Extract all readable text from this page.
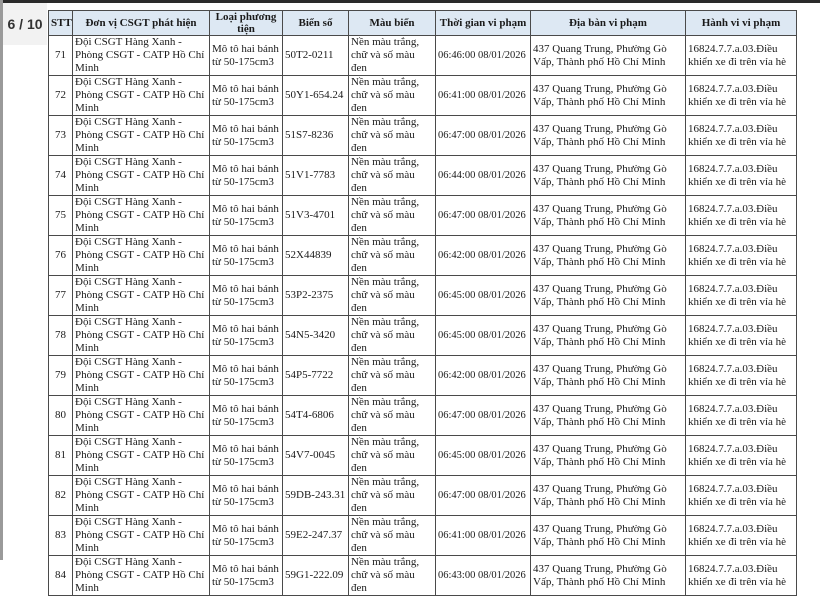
6 / 10 STT	Đơn vị CSGT phát hiện	Loại phương tiện	Biển số	Màu biển	Thời gian vi phạm	Địa bàn vi phạm	Hành vi vi phạm
71	Đội CSGT Hàng Xanh - Phòng CSGT - CATP Hồ Chí Minh	Mô tô hai bánh từ 50-175cm3	50T2-0211	Nền màu trắng, chữ và số màu đen	06:46:00 08/01/2026	437 Quang Trung, Phường Gò Vấp, Thành phố Hồ Chí Minh	16824.7.7.a.03.Điều khiển xe đi trên vỉa hè
72	Đội CSGT Hàng Xanh - Phòng CSGT - CATP Hồ Chí Minh	Mô tô hai bánh từ 50-175cm3	50Y1-654.24	Nền màu trắng, chữ và số màu đen	06:41:00 08/01/2026	437 Quang Trung, Phường Gò Vấp, Thành phố Hồ Chí Minh	16824.7.7.a.03.Điều khiển xe đi trên vỉa hè
73	Đội CSGT Hàng Xanh - Phòng CSGT - CATP Hồ Chí Minh	Mô tô hai bánh từ 50-175cm3	51S7-8236	Nền màu trắng, chữ và số màu đen	06:47:00 08/01/2026	437 Quang Trung, Phường Gò Vấp, Thành phố Hồ Chí Minh	16824.7.7.a.03.Điều khiển xe đi trên vỉa hè
74	Đội CSGT Hàng Xanh - Phòng CSGT - CATP Hồ Chí Minh	Mô tô hai bánh từ 50-175cm3	51V1-7783	Nền màu trắng, chữ và số màu đen	06:44:00 08/01/2026	437 Quang Trung, Phường Gò Vấp, Thành phố Hồ Chí Minh	16824.7.7.a.03.Điều khiển xe đi trên vỉa hè
75	Đội CSGT Hàng Xanh - Phòng CSGT - CATP Hồ Chí Minh	Mô tô hai bánh từ 50-175cm3	51V3-4701	Nền màu trắng, chữ và số màu đen	06:47:00 08/01/2026	437 Quang Trung, Phường Gò Vấp, Thành phố Hồ Chí Minh	16824.7.7.a.03.Điều khiển xe đi trên vỉa hè
76	Đội CSGT Hàng Xanh - Phòng CSGT - CATP Hồ Chí Minh	Mô tô hai bánh từ 50-175cm3	52X44839	Nền màu trắng, chữ và số màu đen	06:42:00 08/01/2026	437 Quang Trung, Phường Gò Vấp, Thành phố Hồ Chí Minh	16824.7.7.a.03.Điều khiển xe đi trên vỉa hè
77	Đội CSGT Hàng Xanh - Phòng CSGT - CATP Hồ Chí Minh	Mô tô hai bánh từ 50-175cm3	53P2-2375	Nền màu trắng, chữ và số màu đen	06:45:00 08/01/2026	437 Quang Trung, Phường Gò Vấp, Thành phố Hồ Chí Minh	16824.7.7.a.03.Điều khiển xe đi trên vỉa hè
78	Đội CSGT Hàng Xanh - Phòng CSGT - CATP Hồ Chí Minh	Mô tô hai bánh từ 50-175cm3	54N5-3420	Nền màu trắng, chữ và số màu đen	06:45:00 08/01/2026	437 Quang Trung, Phường Gò Vấp, Thành phố Hồ Chí Minh	16824.7.7.a.03.Điều khiển xe đi trên vỉa hè
79	Đội CSGT Hàng Xanh - Phòng CSGT - CATP Hồ Chí Minh	Mô tô hai bánh từ 50-175cm3	54P5-7722	Nền màu trắng, chữ và số màu đen	06:42:00 08/01/2026	437 Quang Trung, Phường Gò Vấp, Thành phố Hồ Chí Minh	16824.7.7.a.03.Điều khiển xe đi trên vỉa hè
80	Đội CSGT Hàng Xanh - Phòng CSGT - CATP Hồ Chí Minh	Mô tô hai bánh từ 50-175cm3	54T4-6806	Nền màu trắng, chữ và số màu đen	06:47:00 08/01/2026	437 Quang Trung, Phường Gò Vấp, Thành phố Hồ Chí Minh	16824.7.7.a.03.Điều khiển xe đi trên vỉa hè
81	Đội CSGT Hàng Xanh - Phòng CSGT - CATP Hồ Chí Minh	Mô tô hai bánh từ 50-175cm3	54V7-0045	Nền màu trắng, chữ và số màu đen	06:45:00 08/01/2026	437 Quang Trung, Phường Gò Vấp, Thành phố Hồ Chí Minh	16824.7.7.a.03.Điều khiển xe đi trên vỉa hè
82	Đội CSGT Hàng Xanh - Phòng CSGT - CATP Hồ Chí Minh	Mô tô hai bánh từ 50-175cm3	59DB-243.31	Nền màu trắng, chữ và số màu đen	06:47:00 08/01/2026	437 Quang Trung, Phường Gò Vấp, Thành phố Hồ Chí Minh	16824.7.7.a.03.Điều khiển xe đi trên vỉa hè
83	Đội CSGT Hàng Xanh - Phòng CSGT - CATP Hồ Chí Minh	Mô tô hai bánh từ 50-175cm3	59E2-247.37	Nền màu trắng, chữ và số màu đen	06:41:00 08/01/2026	437 Quang Trung, Phường Gò Vấp, Thành phố Hồ Chí Minh	16824.7.7.a.03.Điều khiển xe đi trên vỉa hè
84	Đội CSGT Hàng Xanh - Phòng CSGT - CATP Hồ Chí Minh	Mô tô hai bánh từ 50-175cm3	59G1-222.09	Nền màu trắng, chữ và số màu đen	06:43:00 08/01/2026	437 Quang Trung, Phường Gò Vấp, Thành phố Hồ Chí Minh	16824.7.7.a.03.Điều khiển xe đi trên vỉa hè
